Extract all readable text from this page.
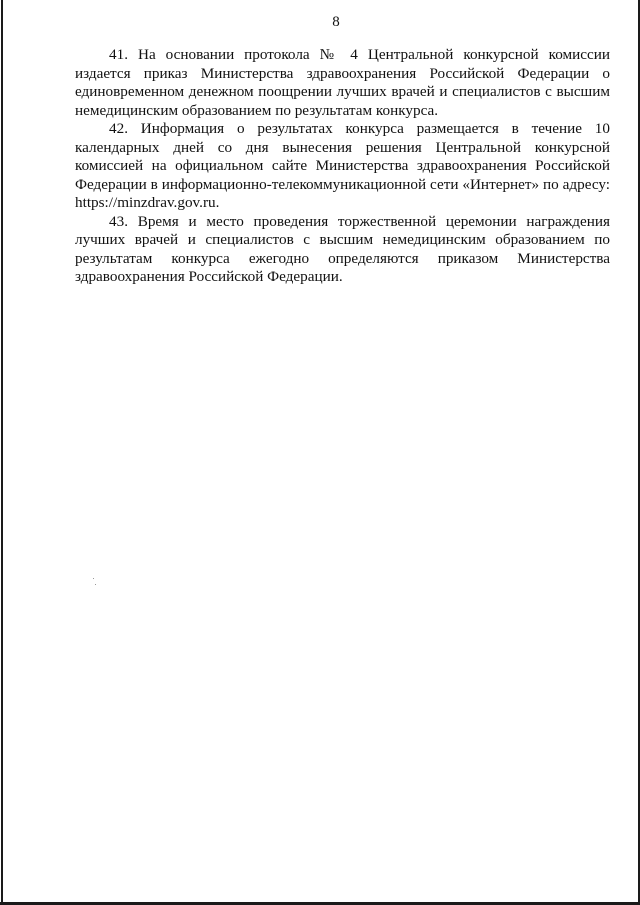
8

41. На основании протокола № 4 Центральной конкурсной комиссии издается приказ Министерства здравоохранения Российской Федерации о единовременном денежном поощрении лучших врачей и специалистов с высшим немедицинским образованием по результатам конкурса.

42. Информация о результатах конкурса размещается в течение 10 календарных дней со дня вынесения решения Центральной конкурсной комиссией на официальном сайте Министерства здравоохранения Российской Федерации в информационно-телекоммуникационной сети «Интернет» по адресу: https://minzdrav.gov.ru.

43. Время и место проведения торжественной церемонии награждения лучших врачей и специалистов с высшим немедицинским образованием по результатам конкурса ежегодно определяются приказом Министерства здравоохранения Российской Федерации.
